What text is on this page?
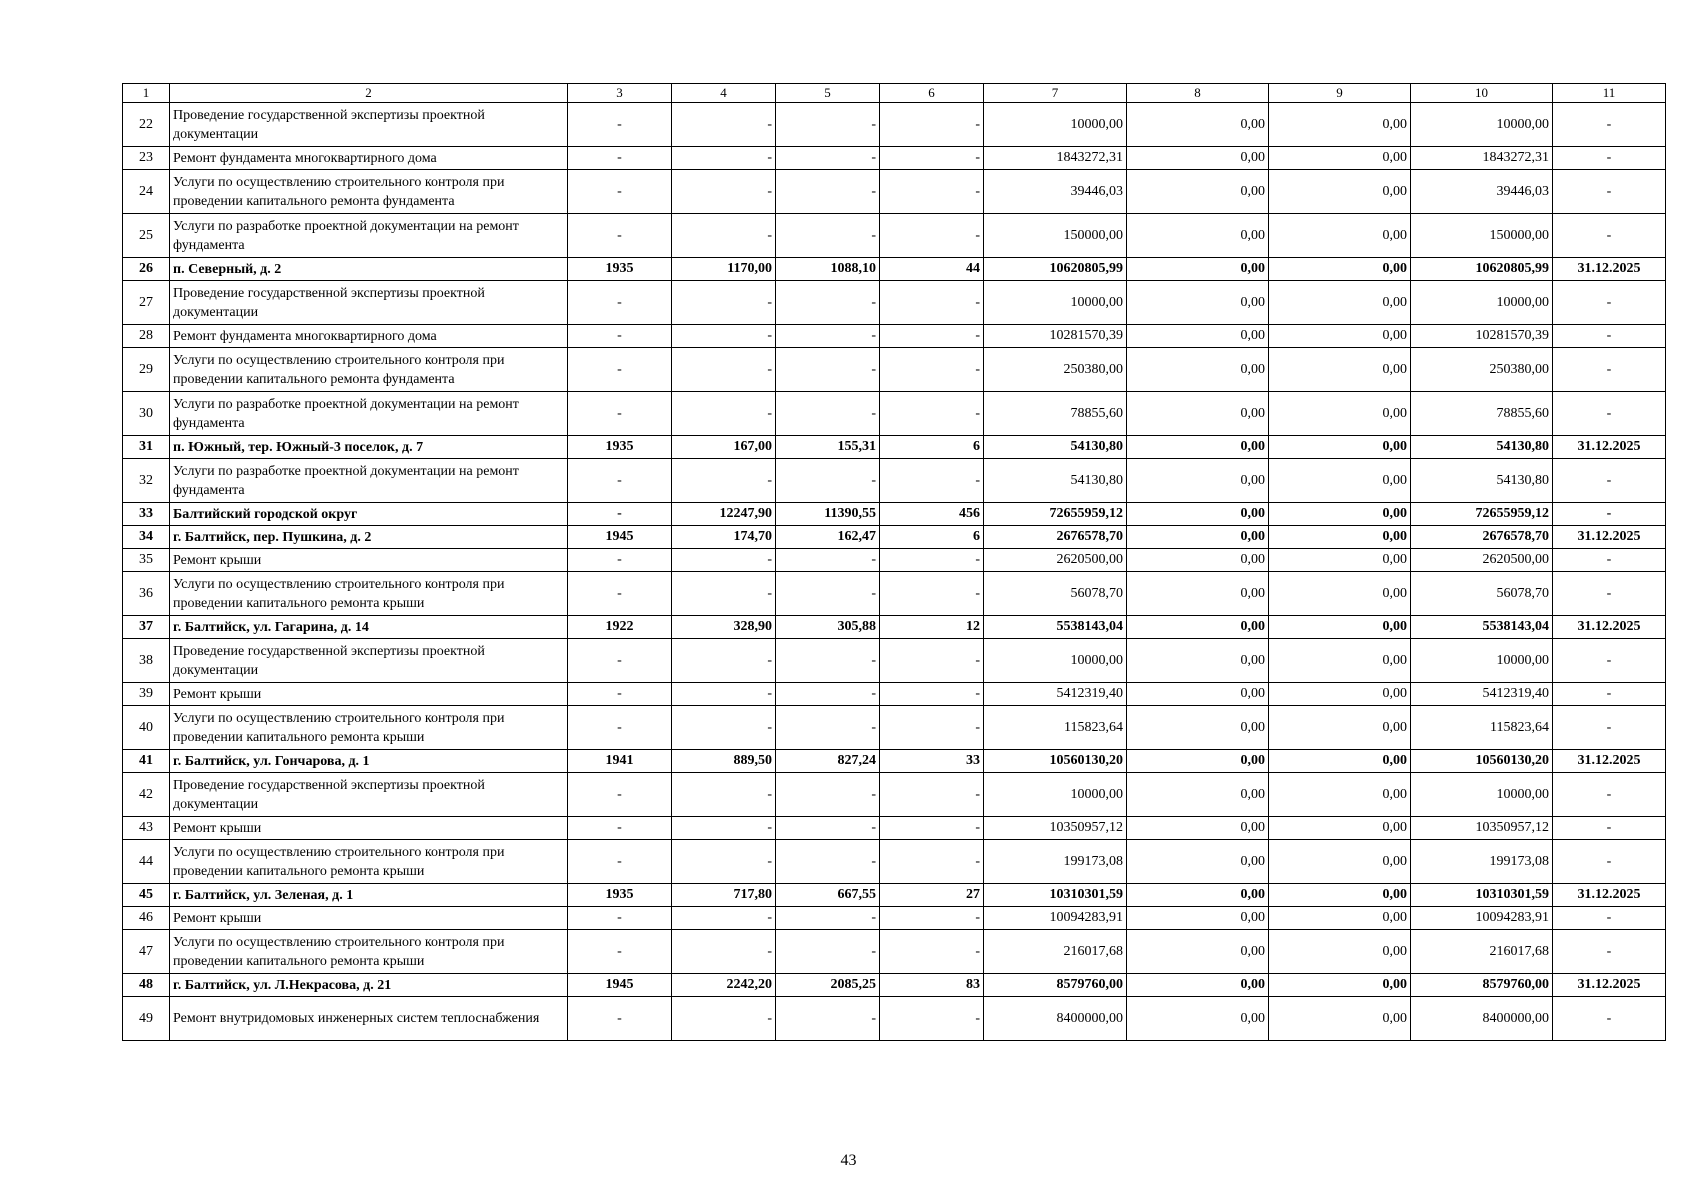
1	2	3	4	5	6	7	8	9	10	11
22	Проведение государственной экспертизы проектной документации	-	-	-	-	10000,00	0,00	0,00	10000,00	-
23	Ремонт фундамента многоквартирного дома	-	-	-	-	1843272,31	0,00	0,00	1843272,31	-
24	Услуги по осуществлению строительного контроля при проведении капитального ремонта фундамента	-	-	-	-	39446,03	0,00	0,00	39446,03	-
25	Услуги по разработке проектной документации на ремонт фундамента	-	-	-	-	150000,00	0,00	0,00	150000,00	-
26	п. Северный, д. 2	1935	1170,00	1088,10	44	10620805,99	0,00	0,00	10620805,99	31.12.2025
27	Проведение государственной экспертизы проектной документации	-	-	-	-	10000,00	0,00	0,00	10000,00	-
28	Ремонт фундамента многоквартирного дома	-	-	-	-	10281570,39	0,00	0,00	10281570,39	-
29	Услуги по осуществлению строительного контроля при проведении капитального ремонта фундамента	-	-	-	-	250380,00	0,00	0,00	250380,00	-
30	Услуги по разработке проектной документации на ремонт фундамента	-	-	-	-	78855,60	0,00	0,00	78855,60	-
31	п. Южный, тер. Южный-3 поселок, д. 7	1935	167,00	155,31	6	54130,80	0,00	0,00	54130,80	31.12.2025
32	Услуги по разработке проектной документации на ремонт фундамента	-	-	-	-	54130,80	0,00	0,00	54130,80	-
33	Балтийский городской округ	-	12247,90	11390,55	456	72655959,12	0,00	0,00	72655959,12	-
34	г. Балтийск, пер. Пушкина, д. 2	1945	174,70	162,47	6	2676578,70	0,00	0,00	2676578,70	31.12.2025
35	Ремонт крыши	-	-	-	-	2620500,00	0,00	0,00	2620500,00	-
36	Услуги по осуществлению строительного контроля при проведении капитального ремонта крыши	-	-	-	-	56078,70	0,00	0,00	56078,70	-
37	г. Балтийск, ул. Гагарина, д. 14	1922	328,90	305,88	12	5538143,04	0,00	0,00	5538143,04	31.12.2025
38	Проведение государственной экспертизы проектной документации	-	-	-	-	10000,00	0,00	0,00	10000,00	-
39	Ремонт крыши	-	-	-	-	5412319,40	0,00	0,00	5412319,40	-
40	Услуги по осуществлению строительного контроля при проведении капитального ремонта крыши	-	-	-	-	115823,64	0,00	0,00	115823,64	-
41	г. Балтийск, ул. Гончарова, д. 1	1941	889,50	827,24	33	10560130,20	0,00	0,00	10560130,20	31.12.2025
42	Проведение государственной экспертизы проектной документации	-	-	-	-	10000,00	0,00	0,00	10000,00	-
43	Ремонт крыши	-	-	-	-	10350957,12	0,00	0,00	10350957,12	-
44	Услуги по осуществлению строительного контроля при проведении капитального ремонта крыши	-	-	-	-	199173,08	0,00	0,00	199173,08	-
45	г. Балтийск, ул. Зеленая, д. 1	1935	717,80	667,55	27	10310301,59	0,00	0,00	10310301,59	31.12.2025
46	Ремонт крыши	-	-	-	-	10094283,91	0,00	0,00	10094283,91	-
47	Услуги по осуществлению строительного контроля при проведении капитального ремонта крыши	-	-	-	-	216017,68	0,00	0,00	216017,68	-
48	г. Балтийск, ул. Л.Некрасова, д. 21	1945	2242,20	2085,25	83	8579760,00	0,00	0,00	8579760,00	31.12.2025
49	Ремонт внутридомовых инженерных систем теплоснабжения	-	-	-	-	8400000,00	0,00	0,00	8400000,00	-
43
